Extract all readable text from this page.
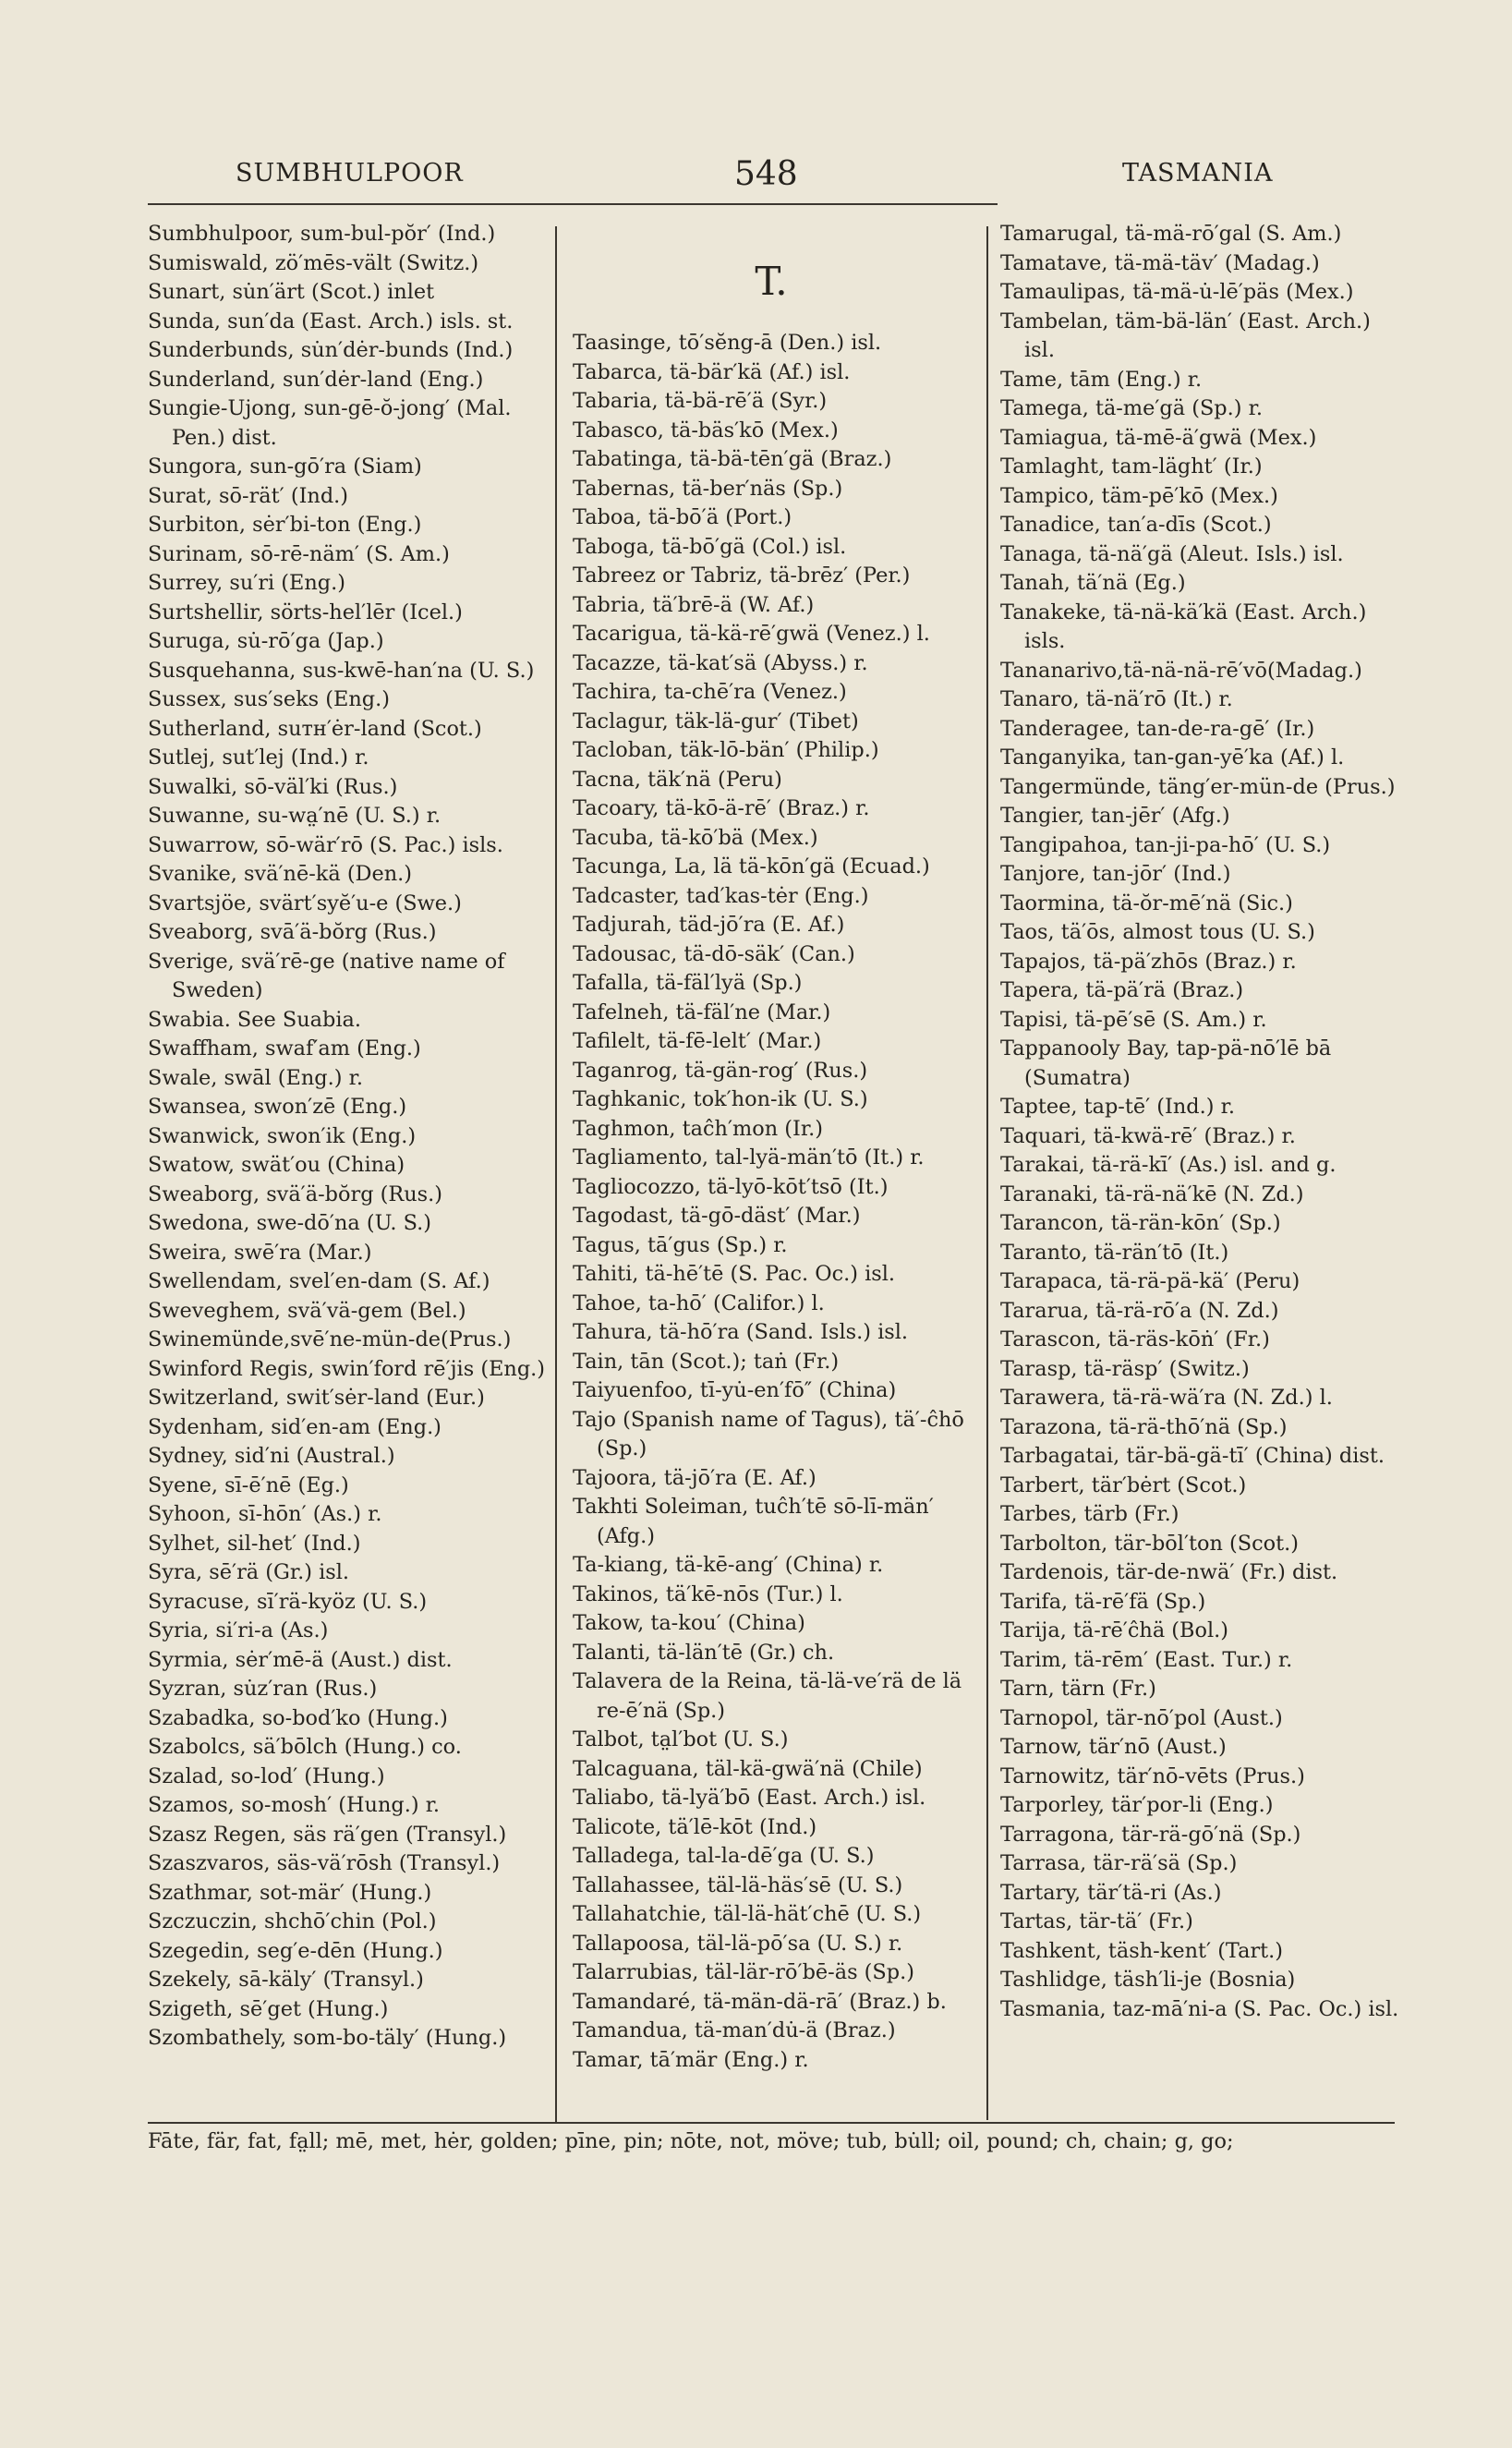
SUMBHULPOOR	548	TASMANIA
Sumbhulpoor, sum-bul-pŏr′ (Ind.)
Sumiswald, zö′mēs-vält (Switz.)
Sunart, su̇n′ärt (Scot.) inlet
Sunda, sun′da (East. Arch.) isls. st.
Sunderbunds, su̇n′dėr-bunds (Ind.)
Sunderland, sun′dėr-land (Eng.)
Sungie-Ujong, sun-gē-ŏ-jong′ (Mal. Pen.) dist.
Sungora, sun-gō′ra (Siam)
Surat, sō-rät′ (Ind.)
Surbiton, sėr′bi-ton (Eng.)
Surinam, sō-rē-näm′ (S. Am.)
Surrey, su′ri (Eng.)
Surtshellir, sörts-hel′lēr (Icel.)
Suruga, su̇-rō′ga (Jap.)
Susquehanna, sus-kwē-han′na (U. S.)
Sussex, sus′seks (Eng.)
Sutherland, suᴛʜ′ėr-land (Scot.)
Sutlej, sut′lej (Ind.) r.
Suwalki, sō-väl′ki (Rus.)
Suwanne, su-wa̤′nē (U. S.) r.
Suwarrow, sō-wär′rō (S. Pac.) isls.
Svanike, svä′nē-kä (Den.)
Svartsjöe, svärt′syĕ′u-e (Swe.)
Sveaborg, svā′ä-bŏrg (Rus.)
Sverige, svä′rē-ge (native name of Sweden)
Swabia. See Suabia.
Swaffham, swaf′am (Eng.)
Swale, swāl (Eng.) r.
Swansea, swon′zē (Eng.)
Swanwick, swon′ik (Eng.)
Swatow, swät′ou (China)
Sweaborg, svä′ä-bŏrg (Rus.)
Swedona, swe-dō′na (U. S.)
Sweira, swē′ra (Mar.)
Swellendam, svel′en-dam (S. Af.)
Sweveghem, svä′vä-gem (Bel.)
Swinemünde,svē′ne-mün-de(Prus.)
Swinford Regis, swin′ford rē′jis (Eng.)
Switzerland, swit′sėr-land (Eur.)
Sydenham, sid′en-am (Eng.)
Sydney, sid′ni (Austral.)
Syene, sī-ē′nē (Eg.)
Syhoon, sī-hōn′ (As.) r.
Sylhet, sil-het′ (Ind.)
Syra, sē′rä (Gr.) isl.
Syracuse, sī′rä-kyöz (U. S.)
Syria, si′ri-a (As.)
Syrmia, sėr′mē-ä (Aust.) dist.
Syzran, su̇z′ran (Rus.)
Szabadka, so-bod′ko (Hung.)
Szabolcs, sä′bōlch (Hung.) co.
Szalad, so-lod′ (Hung.)
Szamos, so-mosh′ (Hung.) r.
Szasz Regen, säs rä′gen (Transyl.)
Szaszvaros, säs-vä′rōsh (Transyl.)
Szathmar, sot-mär′ (Hung.)
Szczuczin, shchō′chin (Pol.)
Szegedin, seg′e-dēn (Hung.)
Szekely, sā-käly′ (Transyl.)
Szigeth, sē′get (Hung.)
Szombathely, som-bo-täly′ (Hung.)
T.
Taasinge, tō′sĕng-ā (Den.) isl.
Tabarca, tä-bär′kä (Af.) isl.
Tabaria, tä-bä-rē′ä (Syr.)
Tabasco, tä-bäs′kō (Mex.)
Tabatinga, tä-bä-tēn′gä (Braz.)
Tabernas, tä-ber′näs (Sp.)
Taboa, tä-bō′ä (Port.)
Taboga, tä-bō′gä (Col.) isl.
Tabreez or Tabriz, tä-brēz′ (Per.)
Tabria, tä′brē-ä (W. Af.)
Tacarigua, tä-kä-rē′gwä (Venez.) l.
Tacazze, tä-kat′sä (Abyss.) r.
Tachira, ta-chē′ra (Venez.)
Taclagur, täk-lä-gur′ (Tibet)
Tacloban, täk-lō-bän′ (Philip.)
Tacna, täk′nä (Peru)
Tacoary, tä-kō-ä-rē′ (Braz.) r.
Tacuba, tä-kō′bä (Mex.)
Tacunga, La, lä tä-kōn′gä (Ecuad.)
Tadcaster, tad′kas-tėr (Eng.)
Tadjurah, täd-jō′ra (E. Af.)
Tadousac, tä-dō-säk′ (Can.)
Tafalla, tä-fäl′lyä (Sp.)
Tafelneh, tä-fäl′ne (Mar.)
Tafilelt, tä-fē-lelt′ (Mar.)
Taganrog, tä-gän-rog′ (Rus.)
Taghkanic, tok′hon-ik (U. S.)
Taghmon, taĉh′mon (Ir.)
Tagliamento, tal-lyä-män′tō (It.) r.
Tagliocozzo, tä-lyō-kōt′tsō (It.)
Tagodast, tä-gō-däst′ (Mar.)
Tagus, tā′gus (Sp.) r.
Tahiti, tä-hē′tē (S. Pac. Oc.) isl.
Tahoe, ta-hō′ (Califor.) l.
Tahura, tä-hō′ra (Sand. Isls.) isl.
Tain, tān (Scot.); taṅ (Fr.)
Taiyuenfoo, tī-yu̇-en′fō″ (China)
Tajo (Spanish name of Tagus), tä′-ĉhō (Sp.)
Tajoora, tä-jō′ra (E. Af.)
Takhti Soleiman, tuĉh′tē sō-lī-män′ (Afg.)
Ta-kiang, tä-kē-ang′ (China) r.
Takinos, tä′kē-nōs (Tur.) l.
Takow, ta-kou′ (China)
Talanti, tä-län′tē (Gr.) ch.
Talavera de la Reina, tä-lä-ve′rä de lä re-ē′nä (Sp.)
Talbot, ta̤l′bot (U. S.)
Talcaguana, täl-kä-gwä′nä (Chile)
Taliabo, tä-lyä′bō (East. Arch.) isl.
Talicote, tä′lē-kōt (Ind.)
Talladega, tal-la-dē′ga (U. S.)
Tallahassee, täl-lä-häs′sē (U. S.)
Tallahatchie, täl-lä-hät′chē (U. S.)
Tallapoosa, täl-lä-pō′sa (U. S.) r.
Talarrubias, täl-lär-rō′bē-äs (Sp.)
Tamandaré, tä-män-dä-rā′ (Braz.) b.
Tamandua, tä-man′du̇-ä (Braz.)
Tamar, tā′mär (Eng.) r.
Tamarugal, tä-mä-rō′gal (S. Am.)
Tamatave, tä-mä-täv′ (Madag.)
Tamaulipas, tä-mä-u̇-lē′päs (Mex.)
Tambelan, täm-bä-län′ (East. Arch.) isl.
Tame, tām (Eng.) r.
Tamega, tä-me′gä (Sp.) r.
Tamiagua, tä-mē-ä′gwä (Mex.)
Tamlaght, tam-läght′ (Ir.)
Tampico, täm-pē′kō (Mex.)
Tanadice, tan′a-dīs (Scot.)
Tanaga, tä-nä′gä (Aleut. Isls.) isl.
Tanah, tä′nä (Eg.)
Tanakeke, tä-nä-kä′kä (East. Arch.) isls.
Tananarivo,tä-nä-nä-rē′vō(Madag.)
Tanaro, tä-nä′rō (It.) r.
Tanderagee, tan-de-ra-gē′ (Ir.)
Tanganyika, tan-gan-yē′ka (Af.) l.
Tangermünde, täng′er-mün-de (Prus.)
Tangier, tan-jēr′ (Afg.)
Tangipahoa, tan-ji-pa-hō′ (U. S.)
Tanjore, tan-jōr′ (Ind.)
Taormina, tä-ŏr-mē′nä (Sic.)
Taos, tä′ōs, almost tous (U. S.)
Tapajos, tä-pä′zhōs (Braz.) r.
Tapera, tä-pä′rä (Braz.)
Tapisi, tä-pē′sē (S. Am.) r.
Tappanooly Bay, tap-pä-nō′lē bā (Sumatra)
Taptee, tap-tē′ (Ind.) r.
Taquari, tä-kwä-rē′ (Braz.) r.
Tarakai, tä-rä-kī′ (As.) isl. and g.
Taranaki, tä-rä-nä′kē (N. Zd.)
Tarancon, tä-rän-kōn′ (Sp.)
Taranto, tä-rän′tō (It.)
Tarapaca, tä-rä-pä-kä′ (Peru)
Tararua, tä-rä-rō′a (N. Zd.)
Tarascon, tä-räs-kōṅ′ (Fr.)
Tarasp, tä-räsp′ (Switz.)
Tarawera, tä-rä-wä′ra (N. Zd.) l.
Tarazona, tä-rä-thō′nä (Sp.)
Tarbagatai, tär-bä-gä-tī′ (China) dist.
Tarbert, tär′bėrt (Scot.)
Tarbes, tärb (Fr.)
Tarbolton, tär-bōl′ton (Scot.)
Tardenois, tär-de-nwä′ (Fr.) dist.
Tarifa, tä-rē′fä (Sp.)
Tarija, tä-rē′ĉhä (Bol.)
Tarim, tä-rēm′ (East. Tur.) r.
Tarn, tärn (Fr.)
Tarnopol, tär-nō′pol (Aust.)
Tarnow, tär′nō (Aust.)
Tarnowitz, tär′nō-vēts (Prus.)
Tarporley, tär′por-li (Eng.)
Tarragona, tär-rä-gō′nä (Sp.)
Tarrasa, tär-rä′sä (Sp.)
Tartary, tär′tä-ri (As.)
Tartas, tär-tä′ (Fr.)
Tashkent, täsh-kent′ (Tart.)
Tashlidge, täsh′li-je (Bosnia)
Tasmania, taz-mā′ni-a (S. Pac. Oc.) isl.
Fāte, fär, fat, fa̤ll; mē, met, hėr, golden; pīne, pin; nōte, not, möve; tub, bu̇ll; oil, pound; ch, chain; g, go;
